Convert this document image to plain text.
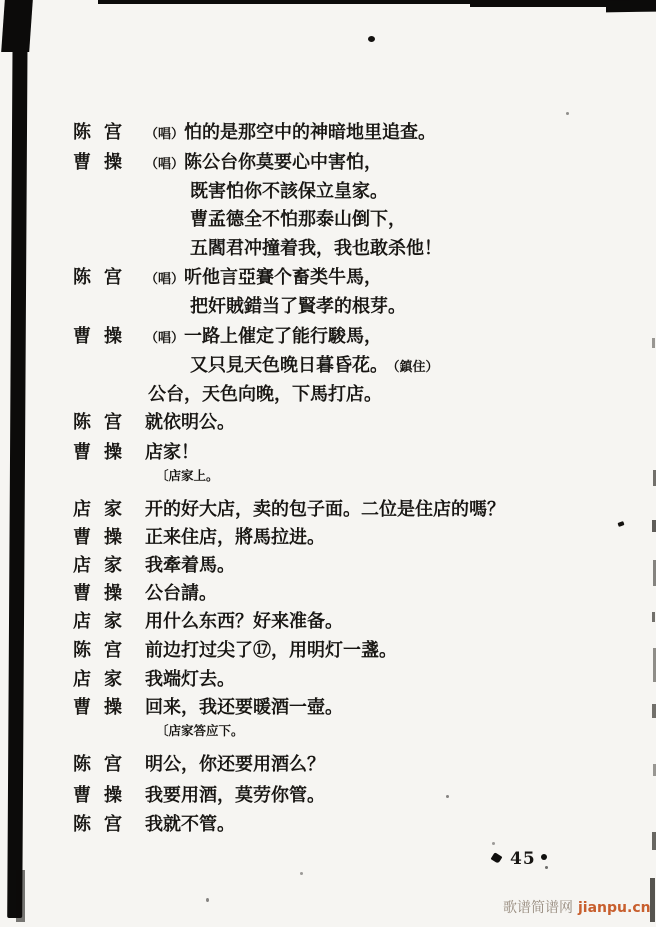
陈宫 （唱）怕的是那空中的神暗地里追查。
曹操 （唱）陈公台你莫要心中害怕，
既害怕你不該保立皇家。
曹孟德全不怕那泰山倒下，
五閻君冲撞着我，我也敢杀他！
陈宫 （唱）听他言亞賽个畜类牛馬，
把奸賊錯当了賢孝的根芽。
曹操 （唱）一路上催定了能行駿馬，
又只見天色晚日暮昏花。 （鎮住）
公台，天色向晚，下馬打店。
陈宫 就依明公。
曹操 店家！
〔店家上。
店家 开的好大店，卖的包子面。二位是住店的嗎？
曹操 正来住店，將馬拉进。
店家 我牽着馬。
曹操 公台請。
店家 用什么东西？好来准备。
陈宫 前边打过尖了⑰，用明灯一盞。
店家 我端灯去。
曹操 回来，我还要暖酒一壺。
〔店家答应下。
陈宫 明公，你还要用酒么？
曹操 我要用酒，莫劳你管。
陈宫 我就不管。
45
歌谱简谱网 jianpu.cn
